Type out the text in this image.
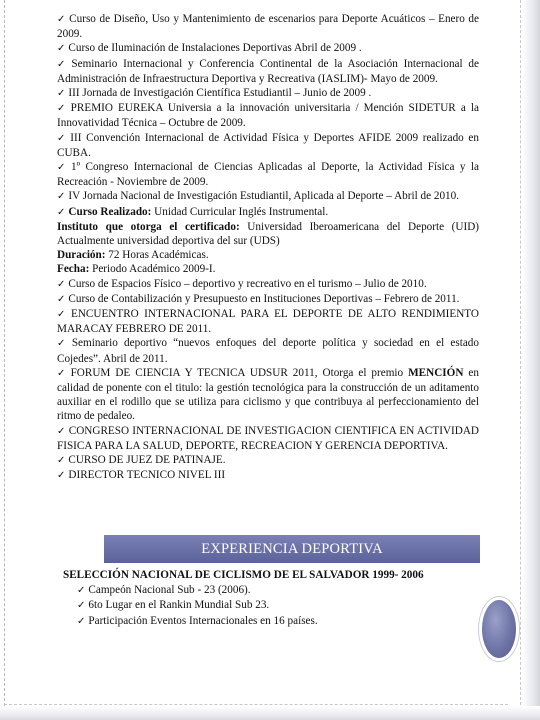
✓ Curso de Diseño, Uso y Mantenimiento de escenarios para Deporte Acuáticos – Enero de 2009.

✓ Curso de Iluminación de Instalaciones Deportivas Abril de 2009 .

✓ Seminario Internacional y Conferencia Continental de la Asociación Internacional de Administración de Infraestructura Deportiva y Recreativa (IASLIM)- Mayo de 2009.

✓ III Jornada de Investigación Científica Estudiantil – Junio de 2009 .

✓ PREMIO EUREKA Universia a la innovación universitaria / Mención SIDETUR a la Innovatividad Técnica – Octubre de 2009.

✓ III Convención Internacional de Actividad Física y Deportes AFIDE 2009 realizado en CUBA.

✓ 1º Congreso Internacional de Ciencias Aplicadas al Deporte, la Actividad Física y la Recreación - Noviembre de 2009.

✓ IV Jornada Nacional de Investigación Estudiantil, Aplicada al Deporte – Abril de 2010.

✓ Curso Realizado: Unidad Curricular Inglés Instrumental.

Instituto que otorga el certificado: Universidad Iberoamericana del Deporte (UID) Actualmente universidad deportiva del sur (UDS)

Duración: 72 Horas Académicas.

Fecha: Periodo Académico 2009-I.

✓ Curso de Espacios Físico – deportivo y recreativo en el turismo – Julio de 2010.

✓ Curso de Contabilización y Presupuesto en Instituciones Deportivas – Febrero de 2011.

✓ ENCUENTRO INTERNACIONAL PARA EL DEPORTE DE ALTO RENDIMIENTO MARACAY FEBRERO DE 2011.

✓ Seminario deportivo “nuevos enfoques del deporte política y sociedad en el estado Cojedes”. Abril de 2011.

✓ FORUM DE CIENCIA Y TECNICA UDSUR 2011, Otorga el premio MENCIÓN en calidad de ponente con el titulo: la gestión tecnológica para la construcción de un aditamento auxiliar en el rodillo que se utiliza para ciclismo y que contribuya al perfeccionamiento del ritmo de pedaleo.

✓ CONGRESO INTERNACIONAL DE INVESTIGACION CIENTIFICA EN ACTIVIDAD FISICA PARA LA SALUD, DEPORTE, RECREACION Y GERENCIA DEPORTIVA.

✓ CURSO DE JUEZ DE PATINAJE.

✓ DIRECTOR TECNICO NIVEL III

EXPERIENCIA DEPORTIVA
SELECCIÓN NACIONAL DE CICLISMO DE EL SALVADOR 1999- 2006
✓ Campeón Nacional Sub - 23 (2006).
✓ 6to Lugar en el Rankin Mundial Sub 23.
✓ Participación Eventos Internacionales en 16 países.
